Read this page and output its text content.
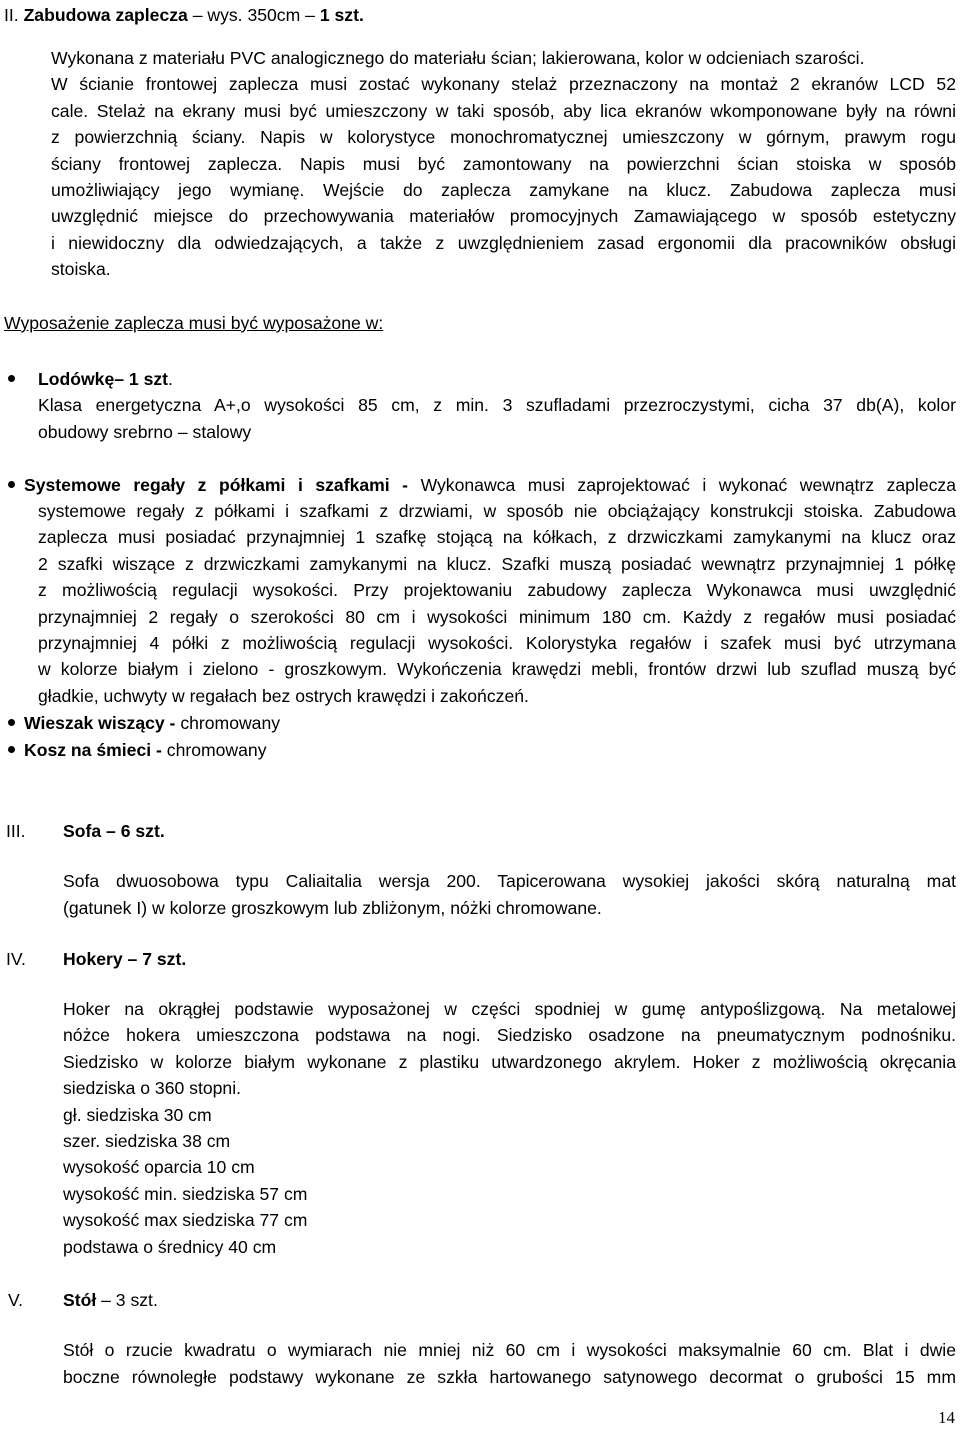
II. Zabudowa zaplecza – wys. 350cm – 1 szt.
Wykonana z materiału PVC analogicznego do materiału ścian; lakierowana, kolor w odcieniach szarości.
W ścianie frontowej zaplecza musi zostać wykonany stelaż przeznaczony na montaż 2 ekranów LCD 52
cale. Stelaż na ekrany musi być umieszczony w taki sposób, aby lica ekranów wkomponowane były na równi
z powierzchnią ściany. Napis w kolorystyce monochromatycznej umieszczony w górnym, prawym rogu
ściany frontowej zaplecza. Napis musi być zamontowany na powierzchni ścian stoiska w sposób
umożliwiający jego wymianę. Wejście do zaplecza zamykane na klucz. Zabudowa zaplecza musi
uwzględnić miejsce do przechowywania materiałów promocyjnych Zamawiającego w sposób estetyczny
i niewidoczny dla odwiedzających, a także z uwzględnieniem zasad ergonomii dla pracowników obsługi
stoiska.
Wyposażenie zaplecza musi być wyposażone w:
Lodówkę– 1 szt.
Klasa energetyczna A+,o wysokości 85 cm, z min. 3 szufladami przezroczystymi, cicha 37 db(A), kolor
obudowy srebrno – stalowy
Systemowe regały z półkami i szafkami - Wykonawca musi zaprojektować i wykonać wewnątrz zaplecza
systemowe regały z półkami i szafkami z drzwiami, w sposób nie obciążający konstrukcji stoiska. Zabudowa
zaplecza musi posiadać przynajmniej 1 szafkę stojącą na kółkach, z drzwiczkami zamykanymi na klucz oraz
2 szafki wiszące z drzwiczkami zamykanymi na klucz. Szafki muszą posiadać wewnątrz przynajmniej 1 półkę
z możliwością regulacji wysokości. Przy projektowaniu zabudowy zaplecza Wykonawca musi uwzględnić
przynajmniej 2 regały o szerokości 80 cm i wysokości minimum 180 cm. Każdy z regałów musi posiadać
przynajmniej 4 półki z możliwością regulacji wysokości. Kolorystyka regałów i szafek musi być utrzymana
w kolorze białym i zielono - groszkowym. Wykończenia krawędzi mebli, frontów drzwi lub szuflad muszą być
gładkie, uchwyty w regałach bez ostrych krawędzi i zakończeń.
Wieszak wiszący - chromowany
Kosz na śmieci - chromowany
III. Sofa – 6 szt.
Sofa dwuosobowa typu Caliaitalia wersja 200. Tapicerowana wysokiej jakości skórą naturalną mat
(gatunek I) w kolorze groszkowym lub zbliżonym, nóżki chromowane.
IV. Hokery – 7 szt.
Hoker na okrągłej podstawie wyposażonej w części spodniej w gumę antypoślizgową. Na metalowej
nóżce hokera umieszczona podstawa na nogi. Siedzisko osadzone na pneumatycznym podnośniku.
Siedzisko w kolorze białym wykonane z plastiku utwardzonego akrylem. Hoker z możliwością okręcania
siedziska o 360 stopni.
gł. siedziska 30 cm
szer. siedziska 38 cm
wysokość oparcia 10 cm
wysokość min. siedziska 57 cm
wysokość max siedziska 77 cm
podstawa o średnicy 40 cm
V. Stół – 3 szt.
Stół o rzucie kwadratu o wymiarach nie mniej niż 60 cm i wysokości maksymalnie 60 cm. Blat i dwie
boczne równoległe podstawy wykonane ze szkła hartowanego satynowego decormat o grubości 15 mm
14
